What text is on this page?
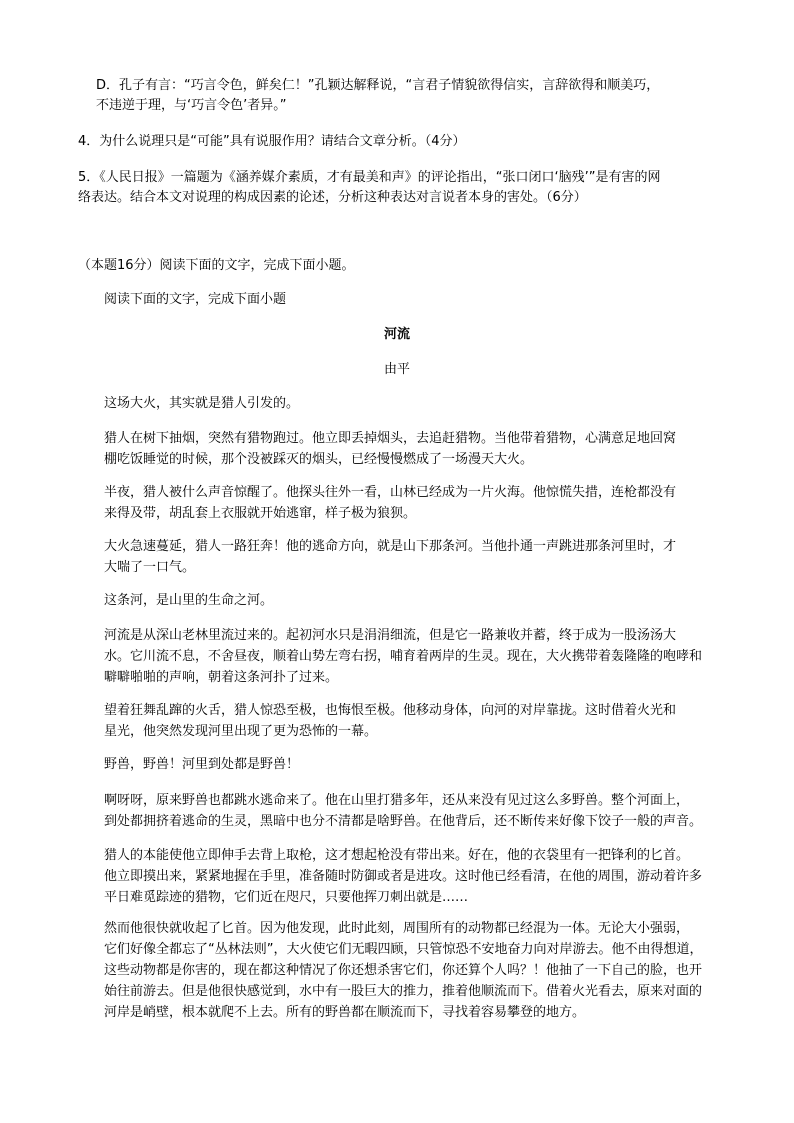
D．孔子有言：“巧言令色，鲜矣仁！”孔颖达解释说，“言君子情貌欲得信实，言辞欲得和顺美巧，
不违逆于理，与‘巧言令色’者异。”
4．为什么说理只是“可能”具有说服作用？请结合文章分析。（4分）
5．《人民日报》一篇题为《涵养媒介素质，才有最美和声》的评论指出，“张口闭口‘脑残’”是有害的网
络表达。结合本文对说理的构成因素的论述，分析这种表达对言说者本身的害处。（6分）
（本题16分）阅读下面的文字，完成下面小题。
阅读下面的文字，完成下面小题
河流
由平
这场大火，其实就是猎人引发的。
猎人在树下抽烟，突然有猎物跑过。他立即丢掉烟头，去追赶猎物。当他带着猎物，心满意足地回窝
棚吃饭睡觉的时候，那个没被踩灭的烟头，已经慢慢燃成了一场漫天大火。
半夜，猎人被什么声音惊醒了。他探头往外一看，山林已经成为一片火海。他惊慌失措，连枪都没有
来得及带，胡乱套上衣服就开始逃窜，样子极为狼狈。
大火急速蔓延，猎人一路狂奔！他的逃命方向，就是山下那条河。当他扑通一声跳进那条河里时，才
大喘了一口气。
这条河，是山里的生命之河。
河流是从深山老林里流过来的。起初河水只是涓涓细流，但是它一路兼收并蓄，终于成为一股汤汤大
水。它川流不息，不舍昼夜，顺着山势左弯右拐，哺育着两岸的生灵。现在，大火携带着轰隆隆的咆哮和
噼噼啪啪的声响，朝着这条河扑了过来。
望着狂舞乱蹿的火舌，猎人惊恐至极，也悔恨至极。他移动身体，向河的对岸靠拢。这时借着火光和
星光，他突然发现河里出现了更为恐怖的一幕。
野兽，野兽！河里到处都是野兽！
啊呀呀，原来野兽也都跳水逃命来了。他在山里打猎多年，还从来没有见过这么多野兽。整个河面上，
到处都拥挤着逃命的生灵，黑暗中也分不清都是啥野兽。在他背后，还不断传来好像下饺子一般的声音。
猎人的本能使他立即伸手去背上取枪，这才想起枪没有带出来。好在，他的衣袋里有一把锋利的匕首。
他立即摸出来，紧紧地握在手里，准备随时防御或者是进攻。这时他已经看清，在他的周围，游动着许多
平日难觅踪迹的猎物，它们近在咫尺，只要他挥刀刺出就是……
然而他很快就收起了匕首。因为他发现，此时此刻，周围所有的动物都已经混为一体。无论大小强弱，
它们好像全都忘了“丛林法则”，大火使它们无暇四顾，只管惊恐不安地奋力向对岸游去。他不由得想道，
这些动物都是你害的，现在都这种情况了你还想杀害它们，你还算个人吗？！他抽了一下自己的脸，也开
始往前游去。但是他很快感觉到，水中有一股巨大的推力，推着他顺流而下。借着火光看去，原来对面的
河岸是峭壁，根本就爬不上去。所有的野兽都在顺流而下，寻找着容易攀登的地方。
